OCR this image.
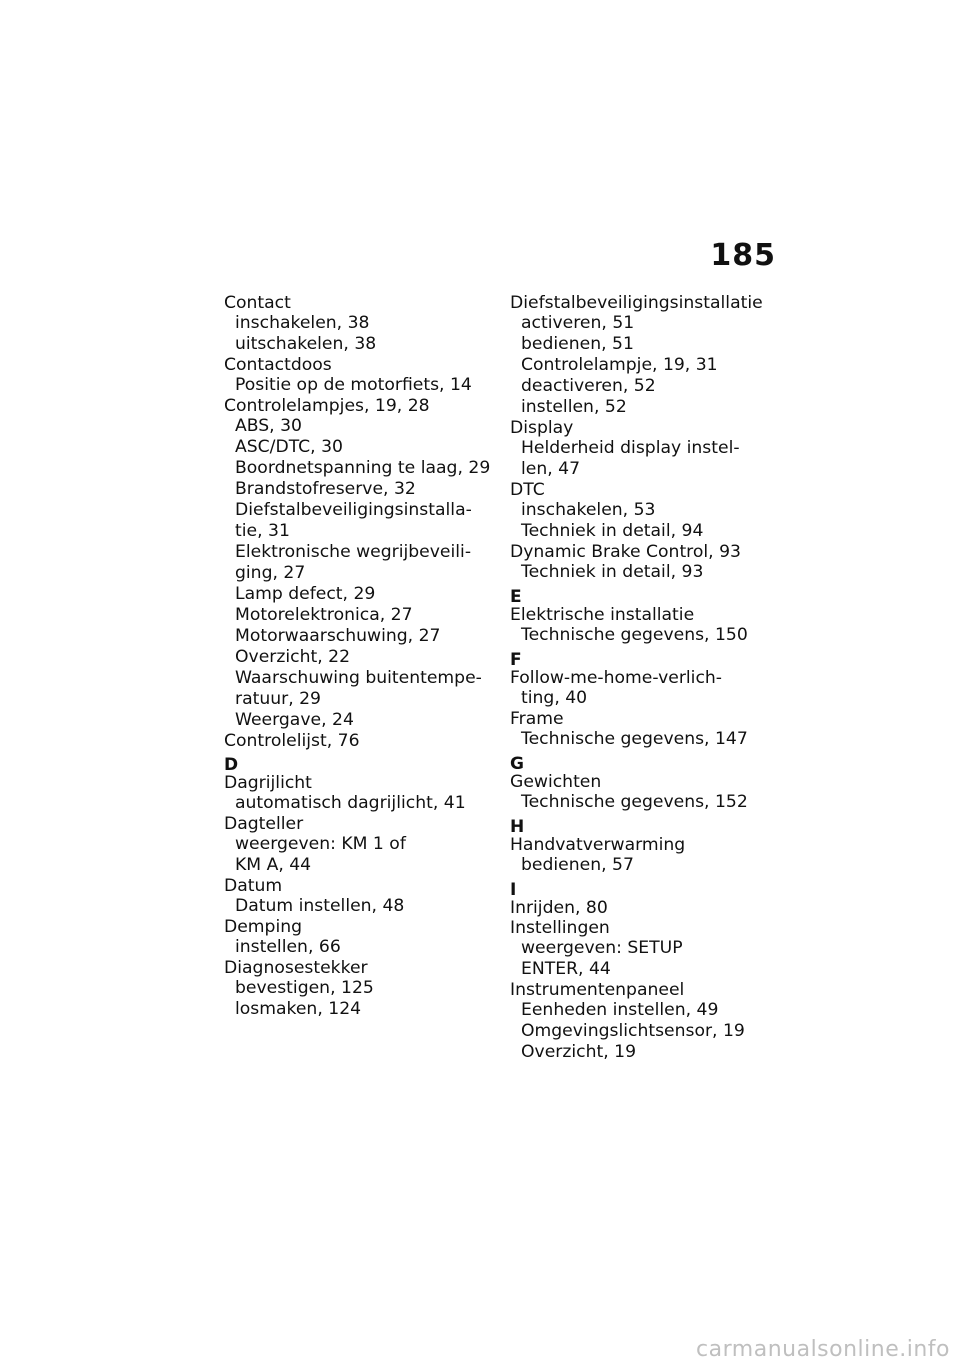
185
Contact
inschakelen, 38
uitschakelen, 38
Contactdoos
Positie op de motorfiets, 14
Controlelampjes, 19, 28
ABS, 30
ASC/DTC, 30
Boordnetspanning te laag, 29
Brandstofreserve, 32
Diefstalbeveiligingsinstalla-
tie, 31
Elektronische wegrijbeveili-
ging, 27
Lamp defect, 29
Motorelektronica, 27
Motorwaarschuwing, 27
Overzicht, 22
Waarschuwing buitentempe-
ratuur, 29
Weergave, 24
Controlelijst, 76
D
Dagrijlicht
automatisch dagrijlicht, 41
Dagteller
weergeven: KM 1 of
KM A, 44
Datum
Datum instellen, 48
Demping
instellen, 66
Diagnosestekker
bevestigen, 125
losmaken, 124
Diefstalbeveiligingsinstallatie
activeren, 51
bedienen, 51
Controlelampje, 19, 31
deactiveren, 52
instellen, 52
Display
Helderheid display instel-
len, 47
DTC
inschakelen, 53
Techniek in detail, 94
Dynamic Brake Control, 93
Techniek in detail, 93
E
Elektrische installatie
Technische gegevens, 150
F
Follow-me-home-verlich-
ting, 40
Frame
Technische gegevens, 147
G
Gewichten
Technische gegevens, 152
H
Handvatverwarming
bedienen, 57
I
Inrijden, 80
Instellingen
weergeven: SETUP
ENTER, 44
Instrumentenpaneel
Eenheden instellen, 49
Omgevingslichtsensor, 19
Overzicht, 19
carmanualsonline.info
